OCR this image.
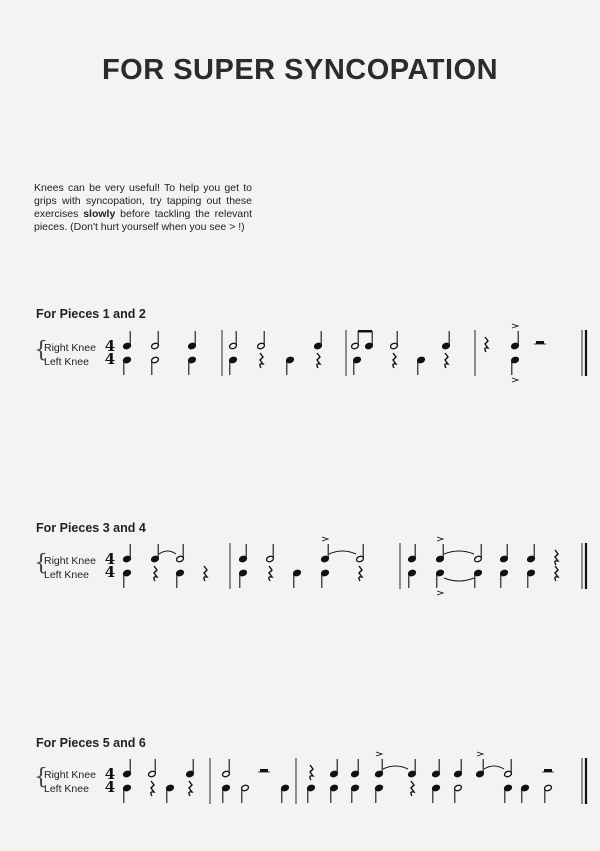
FOR SUPER SYNCOPATION
Knees can be very useful! To help you get to grips with syncopation, try tapping out these exercises slowly before tackling the relevant pieces. (Don't hurt yourself when you see > !)
For Pieces 1 and 2
{
Right Knee
Left Knee
4
4
For Pieces 3 and 4
{
Right Knee
Left Knee
4
4
For Pieces 5 and 6
{
Right Knee
Left Knee
4
4
